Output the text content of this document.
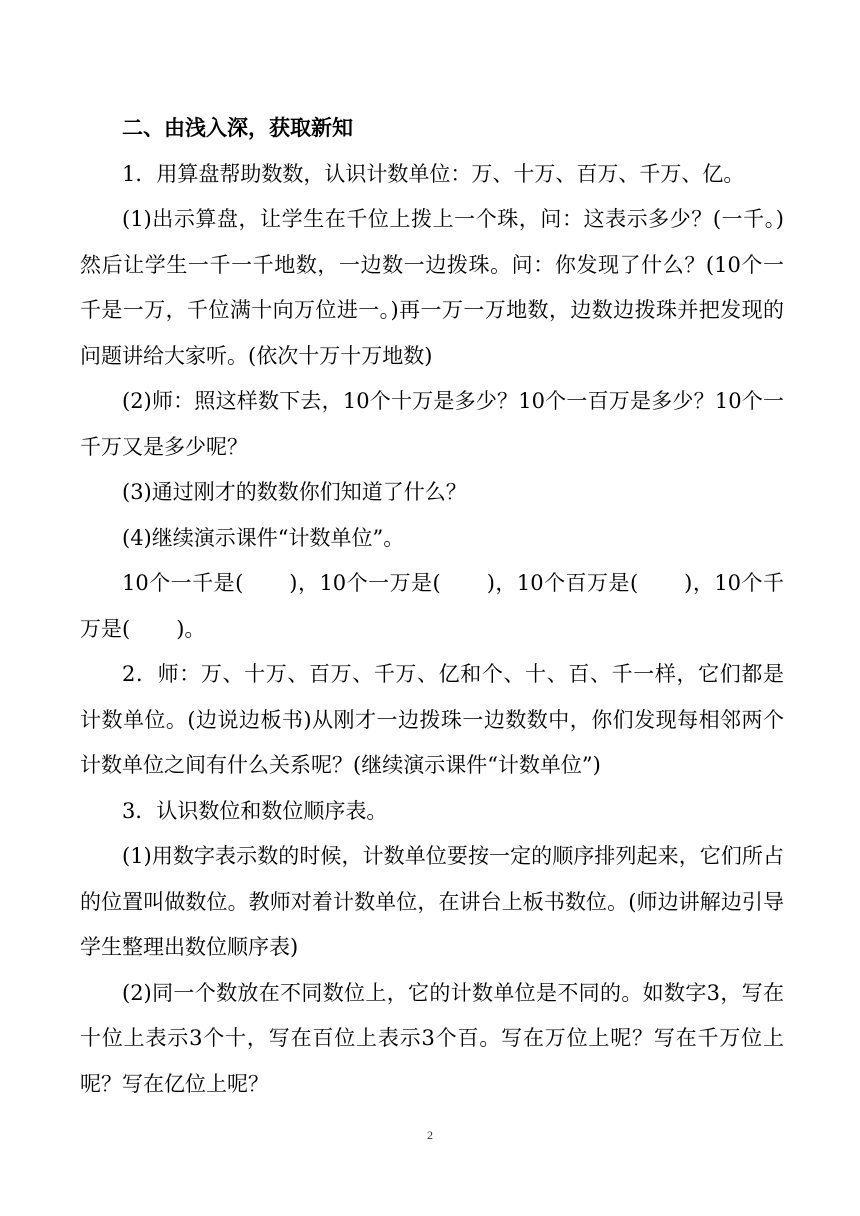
二、由浅入深，获取新知

1．用算盘帮助数数，认识计数单位：万、十万、百万、千万、亿。

(1)出示算盘，让学生在千位上拨上一个珠，问：这表示多少？(一千。)然后让学生一千一千地数，一边数一边拨珠。问：你发现了什么？(10个一千是一万，千位满十向万位进一。)再一万一万地数，边数边拨珠并把发现的问题讲给大家听。(依次十万十万地数)

(2)师：照这样数下去，10个十万是多少？10个一百万是多少？10个一千万又是多少呢？

(3)通过刚才的数数你们知道了什么？

(4)继续演示课件“计数单位”。

10个一千是( )，10个一万是( )，10个百万是( )，10个千万是( )。

2．师：万、十万、百万、千万、亿和个、十、百、千一样，它们都是计数单位。(边说边板书)从刚才一边拨珠一边数数中，你们发现每相邻两个计数单位之间有什么关系呢？(继续演示课件“计数单位”)

3．认识数位和数位顺序表。

(1)用数字表示数的时候，计数单位要按一定的顺序排列起来，它们所占的位置叫做数位。教师对着计数单位，在讲台上板书数位。(师边讲解边引导学生整理出数位顺序表)

(2)同一个数放在不同数位上，它的计数单位是不同的。如数字3，写在十位上表示3个十，写在百位上表示3个百。写在万位上呢？写在千万位上呢？写在亿位上呢？

2
